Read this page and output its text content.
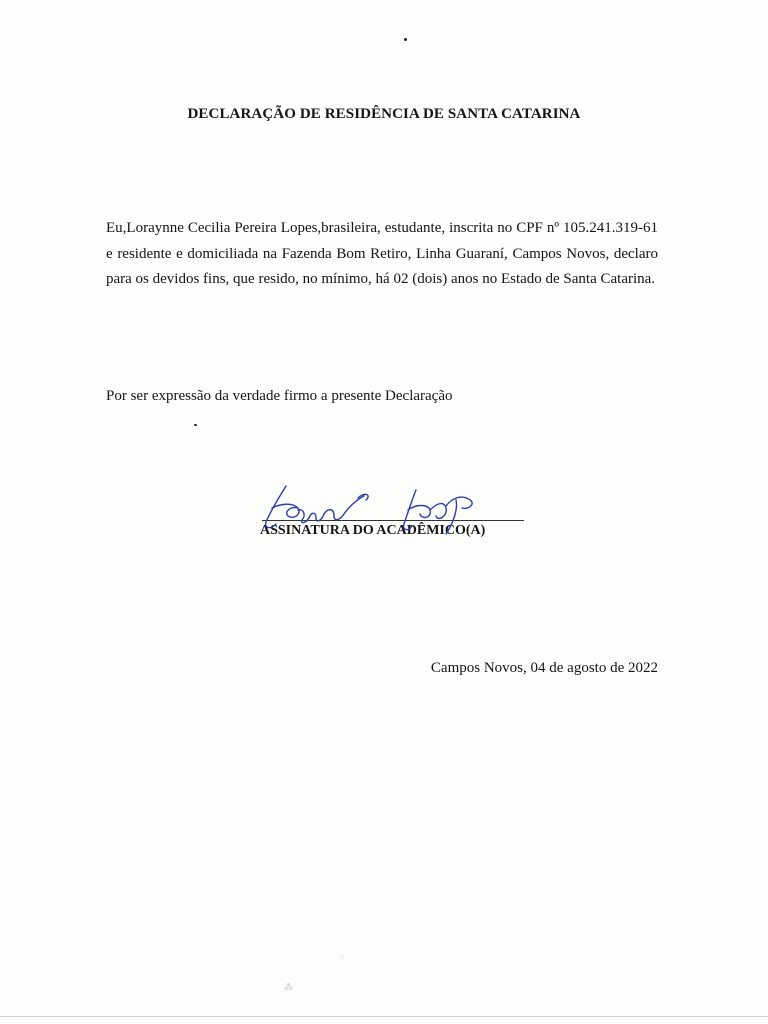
DECLARAÇÃO DE RESIDÊNCIA DE SANTA CATARINA

Eu,Loraynne Cecilia Pereira Lopes,brasileira, estudante, inscrita no CPF nº 105.241.319-61 e residente e domiciliada na Fazenda Bom Retiro, Linha Guaraní, Campos Novos, declaro para os devidos fins, que resido, no mínimo, há 02 (dois) anos no Estado de Santa Catarina.

Por ser expressão da verdade firmo a presente Declaração

ASSINATURA DO ACADÊMICO(A)
Campos Novos, 04 de agosto de 2022
⁘
⁂
